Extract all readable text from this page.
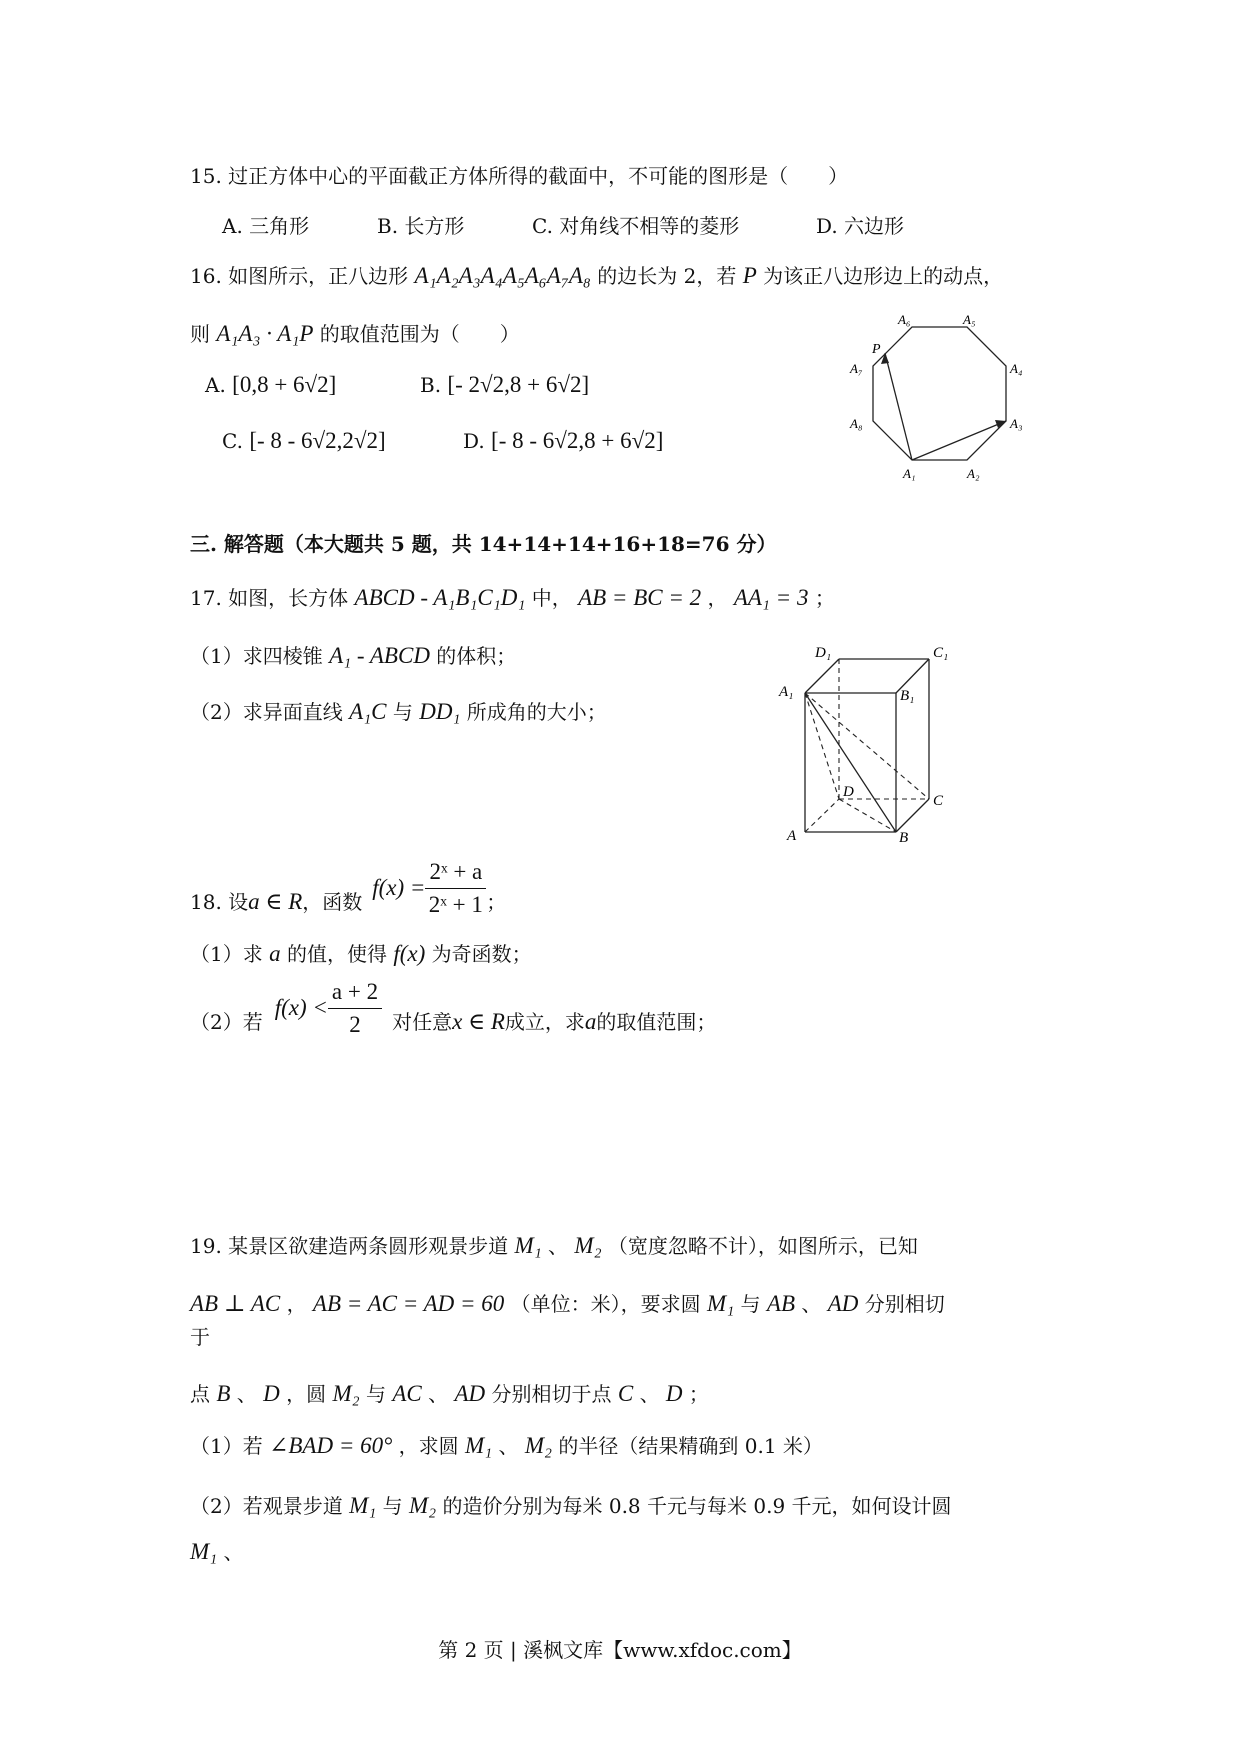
15. 过正方体中心的平面截正方体所得的截面中，不可能的图形是（　　）
A. 三角形	B. 长方形	C. 对角线不相等的菱形	D. 六边形
16. 如图所示，正八边形 A₁A₂A₃A₄A₅A₆A₇A₈ 的边长为 2，若 P 为该正八边形边上的动点，
则 A₁A₃ · A₁P 的取值范围为（　　）
A. [0,8 + 6√2]	B. [- 2√2,8 + 6√2]
C. [- 8 - 6√2,2√2]	D. [- 8 - 6√2,8 + 6√2]
A₁	A₂
A₃
A₄
A₅
A₆
A₇
A₈
P
三. 解答题（本大题共 5 题，共 14+14+14+16+18=76 分）
17. 如图，长方体 ABCD - A₁B₁C₁D₁ 中， AB = BC = 2 ， AA₁ = 3 ；
（1）求四棱锥 A₁ - ABCD 的体积；
（2）求异面直线 A₁C 与 DD₁ 所成角的大小；
D₁	C₁
A₁	B₁
D
C
A	B
18. 设 a ∈ R ，函数
$f(x) = \frac{\text{2ˣ + a}}{\text{2ˣ + 1}}$ ；
（1）求 a 的值，使得 f(x) 为奇函数；
（2）若
$f(x) < \frac{a + 2}{2}$ 对任意 x ∈ R 成立，求 a 的取值范围；
19. 某景区欲建造两条圆形观景步道 M₁ 、 M₂ （宽度忽略不计），如图所示，已知
AB ⊥ AC ， AB = AC = AD = 60 （单位：米），要求圆 M₁ 与 AB 、 AD 分别相切
于
点 B 、 D ，圆 M₂ 与 AC 、 AD 分别相切于点 C 、 D ；
（1）若 ∠BAD = 60° ，求圆 M₁ 、 M₂ 的半径（结果精确到 0.1 米）
（2）若观景步道 M₁ 与 M₂ 的造价分别为每米 0.8 千元与每米 0.9 千元，如何设计圆
M₁ 、
第 2 页 | 溪枫文库【www.xfdoc.com】
